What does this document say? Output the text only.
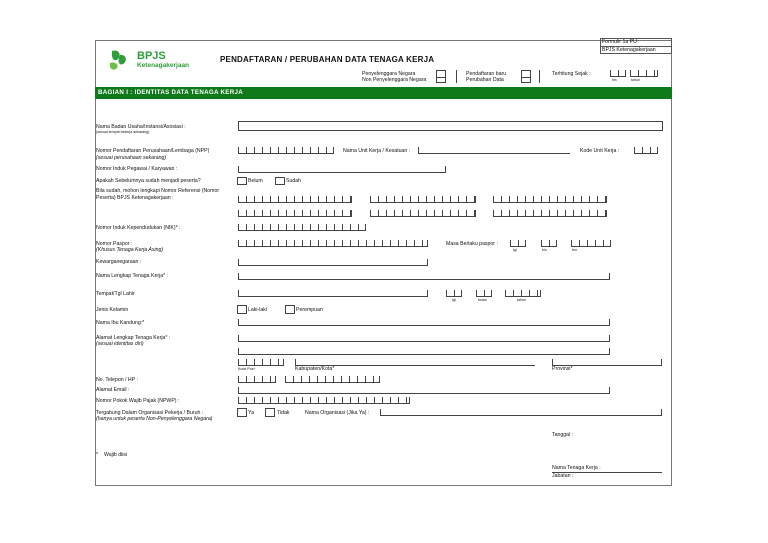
Formulir 1a PU
BPJS Ketenagakerjaan
BPJS
Ketenagakerjaan
PENDAFTARAN / PERUBAHAN DATA TENAGA KERJA
Penyelenggara Negara
Non Penyelenggara Negara
Pendaftaran baru
Perubahan Data
Terhitung Sejak :
bln	tahun
BAGIAN I : IDENTITAS DATA TENAGA KERJA
Nama Badan Usaha/Instansi/Asosiasi :
(sesuai tempat bekerja sekarang)
Nomor Pendaftaran Perusahaan/Lembaga (NPP)
(sesuai perusahaan sekarang)
Nama Unit Kerja / Kesatuan :	Kode Unit Kerja :
Nomor Induk Pegawai / Karyawan :
Apakah Sebelumnya sudah menjadi peserta?	Belum	Sudah
Bila sudah, mohon lengkapi Nomor Referensi (Nomor
Peserta) BPJS Ketenagakerjaan :
Nomor Induk Kependudukan (NIK)* :
Nomor Paspor :
(Khusus Tenaga Kerja Asing)
Masa Berlaku paspor :
tgl	bln	thn
Kewarganegaraan :
Nama Lengkap Tenaga Kerja* :
Tempat/Tgl Lahir
tgl	bulan	tahun
Jenis Kelamin	Laki-laki	Perempuan
Nama Ibu Kandung:*
Alamat Lengkap Tenaga Kerja* :
(sesuai identitas diri)
Kode Pos*	Kabupaten/Kota*	Provinsi*
No. Telepon / HP :
Alamat Email :
Nomor Pokok Wajib Pajak (NPWP) :
Tergabung Dalam Organisasi Pekerja / Buruh :
(hanya untuk peserta Non-Penyelenggara Negara)
Ya	Tidak	Nama Organisasi (Jika Ya) :
Tanggal :
* Wajib diisi
Nama Tenaga Kerja :
Jabatan :
